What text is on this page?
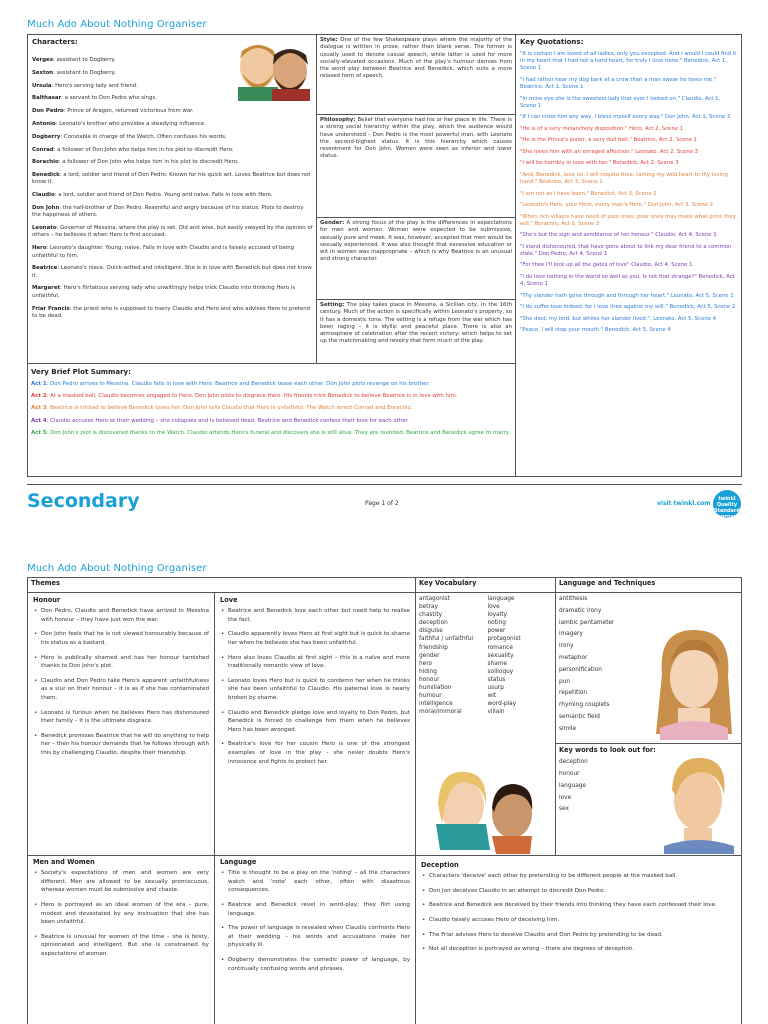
Much Ado About Nothing Organiser
Characters:
Verges: assistant to Dogberry.
Sexton: assistant to Dogberry.
Ursula: Hero's serving lady and friend.
Balthasar: a servant to Don Pedro who sings.
Don Pedro: Prince of Aragon, returned victorious from war.
Antonio: Leonato's brother who provides a steadying influence.
Dogberry: Constable in charge of the Watch. Often confuses his words.
Conrad: a follower of Don John who helps him in his plot to discredit Hero.
Borachio: a follower of Don John who helps him in his plot to discredit Hero.
Benedick: a lord, soldier and friend of Don Pedro. Known for his quick wit. Loves Beatrice but does not know it.
Claudio: a lord, soldier and friend of Don Pedro. Young and naïve. Falls in love with Hero.
Don John: the half-brother of Don Pedro. Resentful and angry because of his status. Plots to destroy the happiness of others.
Leonato: Governor of Messina, where the play is set. Old and wise, but easily swayed by the opinion of others – he believes it when Hero is first accused.
Hero: Leonato's daughter. Young, naïve. Falls in love with Claudio and is falsely accused of being unfaithful to him.
Beatrice: Leonato's niece. Quick-witted and intelligent. She is in love with Benedick but does not know it.
Margaret: Hero's flirtatious serving lady who unwittingly helps trick Claudio into thinking Hero is unfaithful.
Friar Francis: the priest who is supposed to marry Claudio and Hero and who advises Hero to pretend to be dead.
Style: One of the few Shakespeare plays where the majority of the dialogue is written in prose, rather than blank verse. The former is usually used to denote casual speech, while latter is used for more socially-elevated occasions. Much of the play's humour derives from the word play between Beatrice and Benedick, which suits a more relaxed form of speech.
Philosophy: Belief that everyone had his or her place in life. There is a strong social hierarchy within the play, which the audience would have understood – Don Pedro is the most powerful man, with Leonato the second-highest status. It is this hierarchy which causes resentment for Don John. Women were seen as inferior and lower status.
Gender: A strong focus of the play is the differences in expectations for men and women. Women were expected to be submissive, sexually pure and meek. It was, however, accepted that men would be sexually experienced. It was also thought that excessive education or wit in women was inappropriate – which is why Beatrice is an unusual and strong character.
Setting: The play takes place in Messina, a Sicilian city, in the 16th century. Much of the action is specifically within Leonato's property, so it has a domestic tone. The setting is a refuge from the war which has been raging – it is idyllic and peaceful place. There is also an atmosphere of celebration after the recent victory: which helps to set up the matchmaking and revelry that form much of the play.
Key Quotations:
"It is certain I am loved of all ladies, only you excepted. And I would I could find it in my heart that I had not a hard heart, for truly I love none." Benedick, Act 1, Scene 1
"I had rather hear my dog bark at a crow than a man swear he loves me." Beatrice, Act 1, Scene 1
"In mine eye she is the sweetest lady that ever I looked on." Claudio, Act 1, Scene 1
"If I can cross him any way, I bless myself every way." Don John, Act 1, Scene 3
"He is of a very melancholy disposition." Hero, Act 2, Scene 1
"He is the Prince's jester, a very dull fool." Beatrice, Act 2, Scene 1
"She loves him with an enraged affection." Leonato, Act 2, Scene 3
"I will be horribly in love with her." Benedick, Act 2, Scene 3
"And, Benedick, love on. I will requite thee, taming my wild heart to thy loving hand." Beatrice, Act 3, Scene 1
"I am not as I have been." Benedick, Act 3, Scene 2
"Leonato's Hero, your Hero, every man's Hero." Don John, Act 3, Scene 2
"When rich villains have need of poor ones, poor ones may make what price they will." Borachio, Act 3, Scene 3
"She's but the sign and semblance of her honour." Claudio, Act 4, Scene 1
"I stand dishonoured, that have gone about to link my dear friend to a common stale." Don Pedro, Act 4, Scene 1
"For thee I'll lock up all the gates of love" Claudio, Act 4, Scene 1
"I do love nothing in the world so well as you. Is not that strange?" Benedick, Act 4, Scene 1
"Thy slander hath gone through and through her heart." Leonato, Act 5, Scene 1
"I do suffer love indeed, for I love thee against my will." Benedick, Act 5, Scene 2
"She died, my lord, but whiles her slander lived.", Leonato, Act 5, Scene 4
"Peace, I will stop your mouth." Benedick, Act 5, Scene 4
Very Brief Plot Summary:
Act 1: Don Pedro arrives in Messina. Claudio falls in love with Hero. Beatrice and Benedick tease each other. Don John plots revenge on his brother.
Act 2: At a masked ball, Claudio becomes engaged to Hero. Don John plots to disgrace Hero. His friends trick Benedick to believe Beatrice is in love with him.
Act 3: Beatrice is tricked to believe Benedick loves her. Don John tells Claudio that Hero is unfaithful. The Watch arrest Conrad and Borachio.
Act 4: Claudio accuses Hero at their wedding – she collapses and is believed dead. Beatrice and Benedick confess their love for each other.
Act 5: Don John's plot is discovered thanks to the Watch. Claudio attends Hero's funeral and discovers she is still alive. They are reunited. Beatrice and Benedick agree to marry.
Secondary	Page 1 of 2	visit twinkl.com
twinkl Quality Standard Approved
Much Ado About Nothing Organiser
Themes
Honour
• Don Pedro, Claudio and Benedick have arrived in Messina with honour – they have just won the war.
• Don John feels that he is not viewed honourably because of his status as a bastard.
• Hero is publically shamed and has her honour tarnished thanks to Don John's plot.
• Claudio and Don Pedro take Hero's apparent unfaithfulness as a slur on their honour – it is as if she has contaminated them.
• Leonato is furious when he believes Hero has dishonoured their family – it is the ultimate disgrace.
• Benedick promises Beatrice that he will do anything to help her – then his honour demands that he follows through with this by challenging Claudio, despite their friendship.
Love
• Beatrice and Benedick love each other but need help to realise the fact.
• Claudio apparently loves Hero at first sight but is quick to shame her when he believes she has been unfaithful.
• Hero also loves Claudio at first sight – this is a naïve and more traditionally romantic view of love.
• Leonato loves Hero but is quick to condemn her when he thinks she has been unfaithful to Claudio. His paternal love is nearly broken by shame.
• Claudio and Benedick pledge love and loyalty to Don Pedro, but Benedick is forced to challenge him them when he believes Hero has been wronged.
• Beatrice's love for her cousin Hero is one of the strongest examples of love in the play – she never doubts Hero's innocence and fights to protect her.
Key Vocabulary
antagonist
betray
chastity
deception
disguise
faithful / unfaithful
friendship
gender
hero
hiding
honour
humiliation
humour
intelligence
moral/immoral
language
love
loyalty
noting
power
protagonist
romance
sexuality
shame
soliloquy
status
usurp
wit
word-play
villain
Language and Techniques
antithesis
dramatic irony
iambic pentameter
imagery
irony
metaphor
personification
pun
repetition
rhyming couplets
semantic field
simile
Key words to look out for:
deception
honour
language
love
sex
Men and Women
• Society's expectations of men and women are very different. Men are allowed to be sexually promiscuous, whereas women must be submissive and chaste.
• Hero is portrayed as an ideal woman of the era – pure, modest and devastated by any insinuation that she has been unfaithful.
• Beatrice is unusual for women of the time – she is feisty, opinionated and intelligent. But she is constrained by expectations of women.
Language
• Title is thought to be a play on the 'noting' – all the characters watch and 'note' each other, often with disastrous consequences.
• Beatrice and Benedick revel in word-play; they flirt using language.
• The power of language is revealed when Claudio confronts Hero at their wedding – his words and accusations make her physically ill.
• Dogberry demonstrates the comedic power of language, by continually confusing words and phrases.
Deception
• Characters 'deceive' each other by pretending to be different people at the masked ball.
• Don Jon deceives Claudio in an attempt to discredit Don Pedro.
• Beatrice and Benedick are deceived by their friends into thinking they have each confessed their love.
• Claudio falsely accuses Hero of deceiving him.
• The Friar advises Hero to deceive Claudio and Don Pedro by pretending to be dead.
• Not all deception is portrayed as wrong – there are degrees of deception.
